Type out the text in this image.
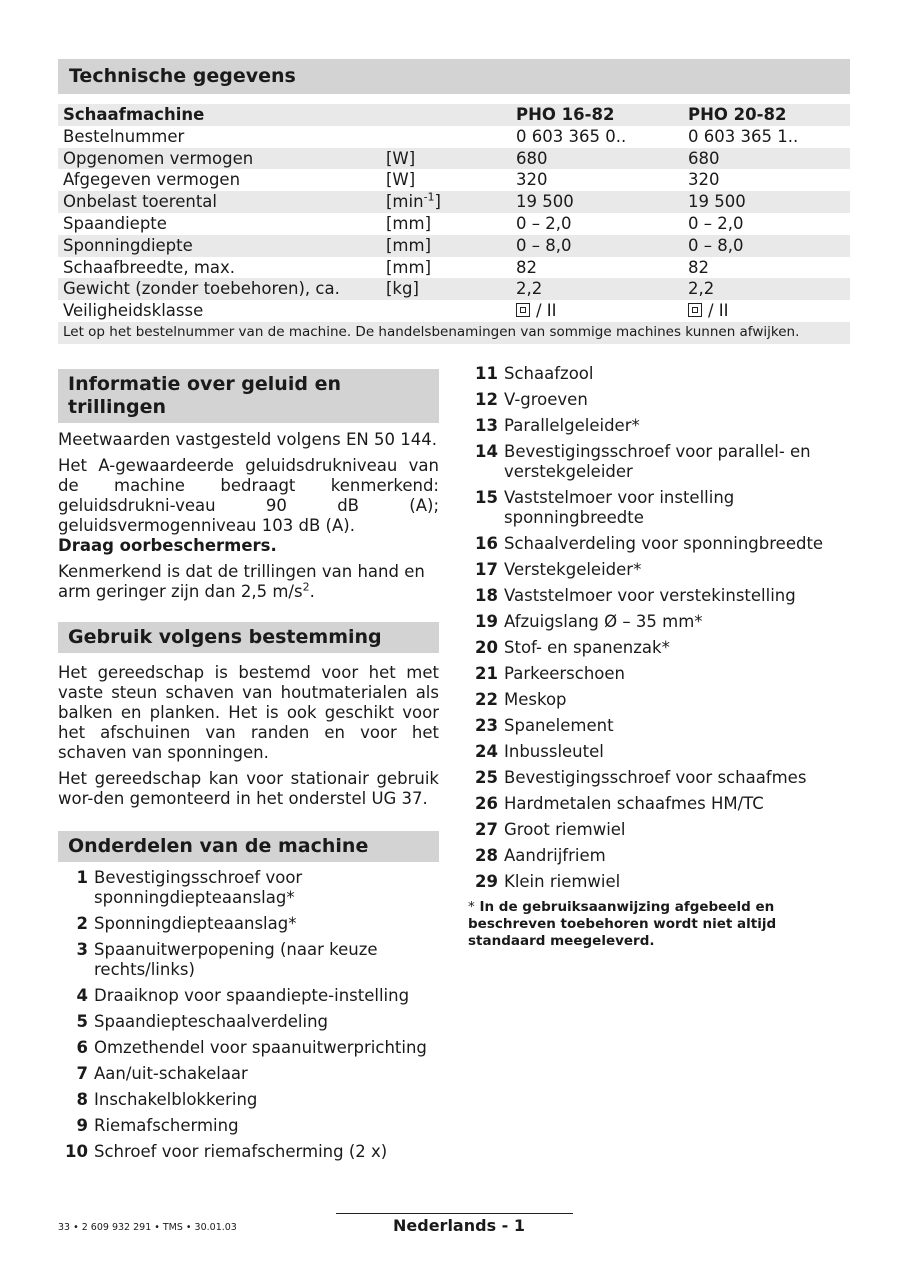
Technische gegevens
Schaafmachine		PHO 16-82	PHO 20-82
Bestelnummer		0 603 365 0..	0 603 365 1..
Opgenomen vermogen	[W]	680	680
Afgegeven vermogen	[W]	320	320
Onbelast toerental	$[\min^{-1}]$	19 500	19 500
Spaandiepte	[mm]	0 – 2,0	0 – 2,0
Sponningdiepte	[mm]	0 – 8,0	0 – 8,0
Schaafbreedte, max.	[mm]	82	82
Gewicht (zonder toebehoren), ca.	[kg]	2,2	2,2
Veiligheidsklasse		/ II	/ II
Let op het bestelnummer van de machine. De handelsbenamingen van sommige machines kunnen afwijken.			
Informatie over geluid en trillingen

Meetwaarden vastgesteld volgens EN 50 144.

Het A-gewaardeerde geluidsdrukniveau van de machine bedraagt kenmerkend: geluidsdrukni-veau 90 dB (A); geluidsvermogenniveau 103 dB (A).

Draag oorbeschermers.

Kenmerkend is dat de trillingen van hand en arm geringer zijn dan 2,5 $m/s^2$.

Gebruik volgens bestemming

Het gereedschap is bestemd voor het met vaste steun schaven van houtmaterialen als balken en planken. Het is ook geschikt voor het afschuinen van randen en voor het schaven van sponningen.

Het gereedschap kan voor stationair gebruik wor-den gemonteerd in het onderstel UG 37.

Onderdelen van de machine
1 Bevestigingsschroef voor sponningdiepteaanslag*
2 Sponningdiepteaanslag*
3 Spaanuitwerpopening (naar keuze rechts/links)
4 Draaiknop voor spaandiepte-instelling
5 Spaandiepteschaalverdeling
6 Omzethendel voor spaanuitwerprichting
7 Aan/uit-schakelaar
8 Inschakelblokkering
9 Riemafscherming
10 Schroef voor riemafscherming (2 x)
11 Schaafzool
12 V-groeven
13 Parallelgeleider*
14 Bevestigingsschroef voor parallel- en verstekgeleider
15 Vaststelmoer voor instelling sponningbreedte
16 Schaalverdeling voor sponningbreedte
17 Verstekgeleider*
18 Vaststelmoer voor verstekinstelling
19 Afzuigslang Ø – 35 mm*
20 Stof- en spanenzak*
21 Parkeerschoen
22 Meskop
23 Spanelement
24 Inbussleutel
25 Bevestigingsschroef voor schaafmes
26 Hardmetalen schaafmes HM/TC
27 Groot riemwiel
28 Aandrijfriem
29 Klein riemwiel
* In de gebruiksaanwijzing afgebeeld en beschreven toebehoren wordt niet altijd standaard meegeleverd.
33 • 2 609 932 291 • TMS • 30.01.03	Nederlands - 1
